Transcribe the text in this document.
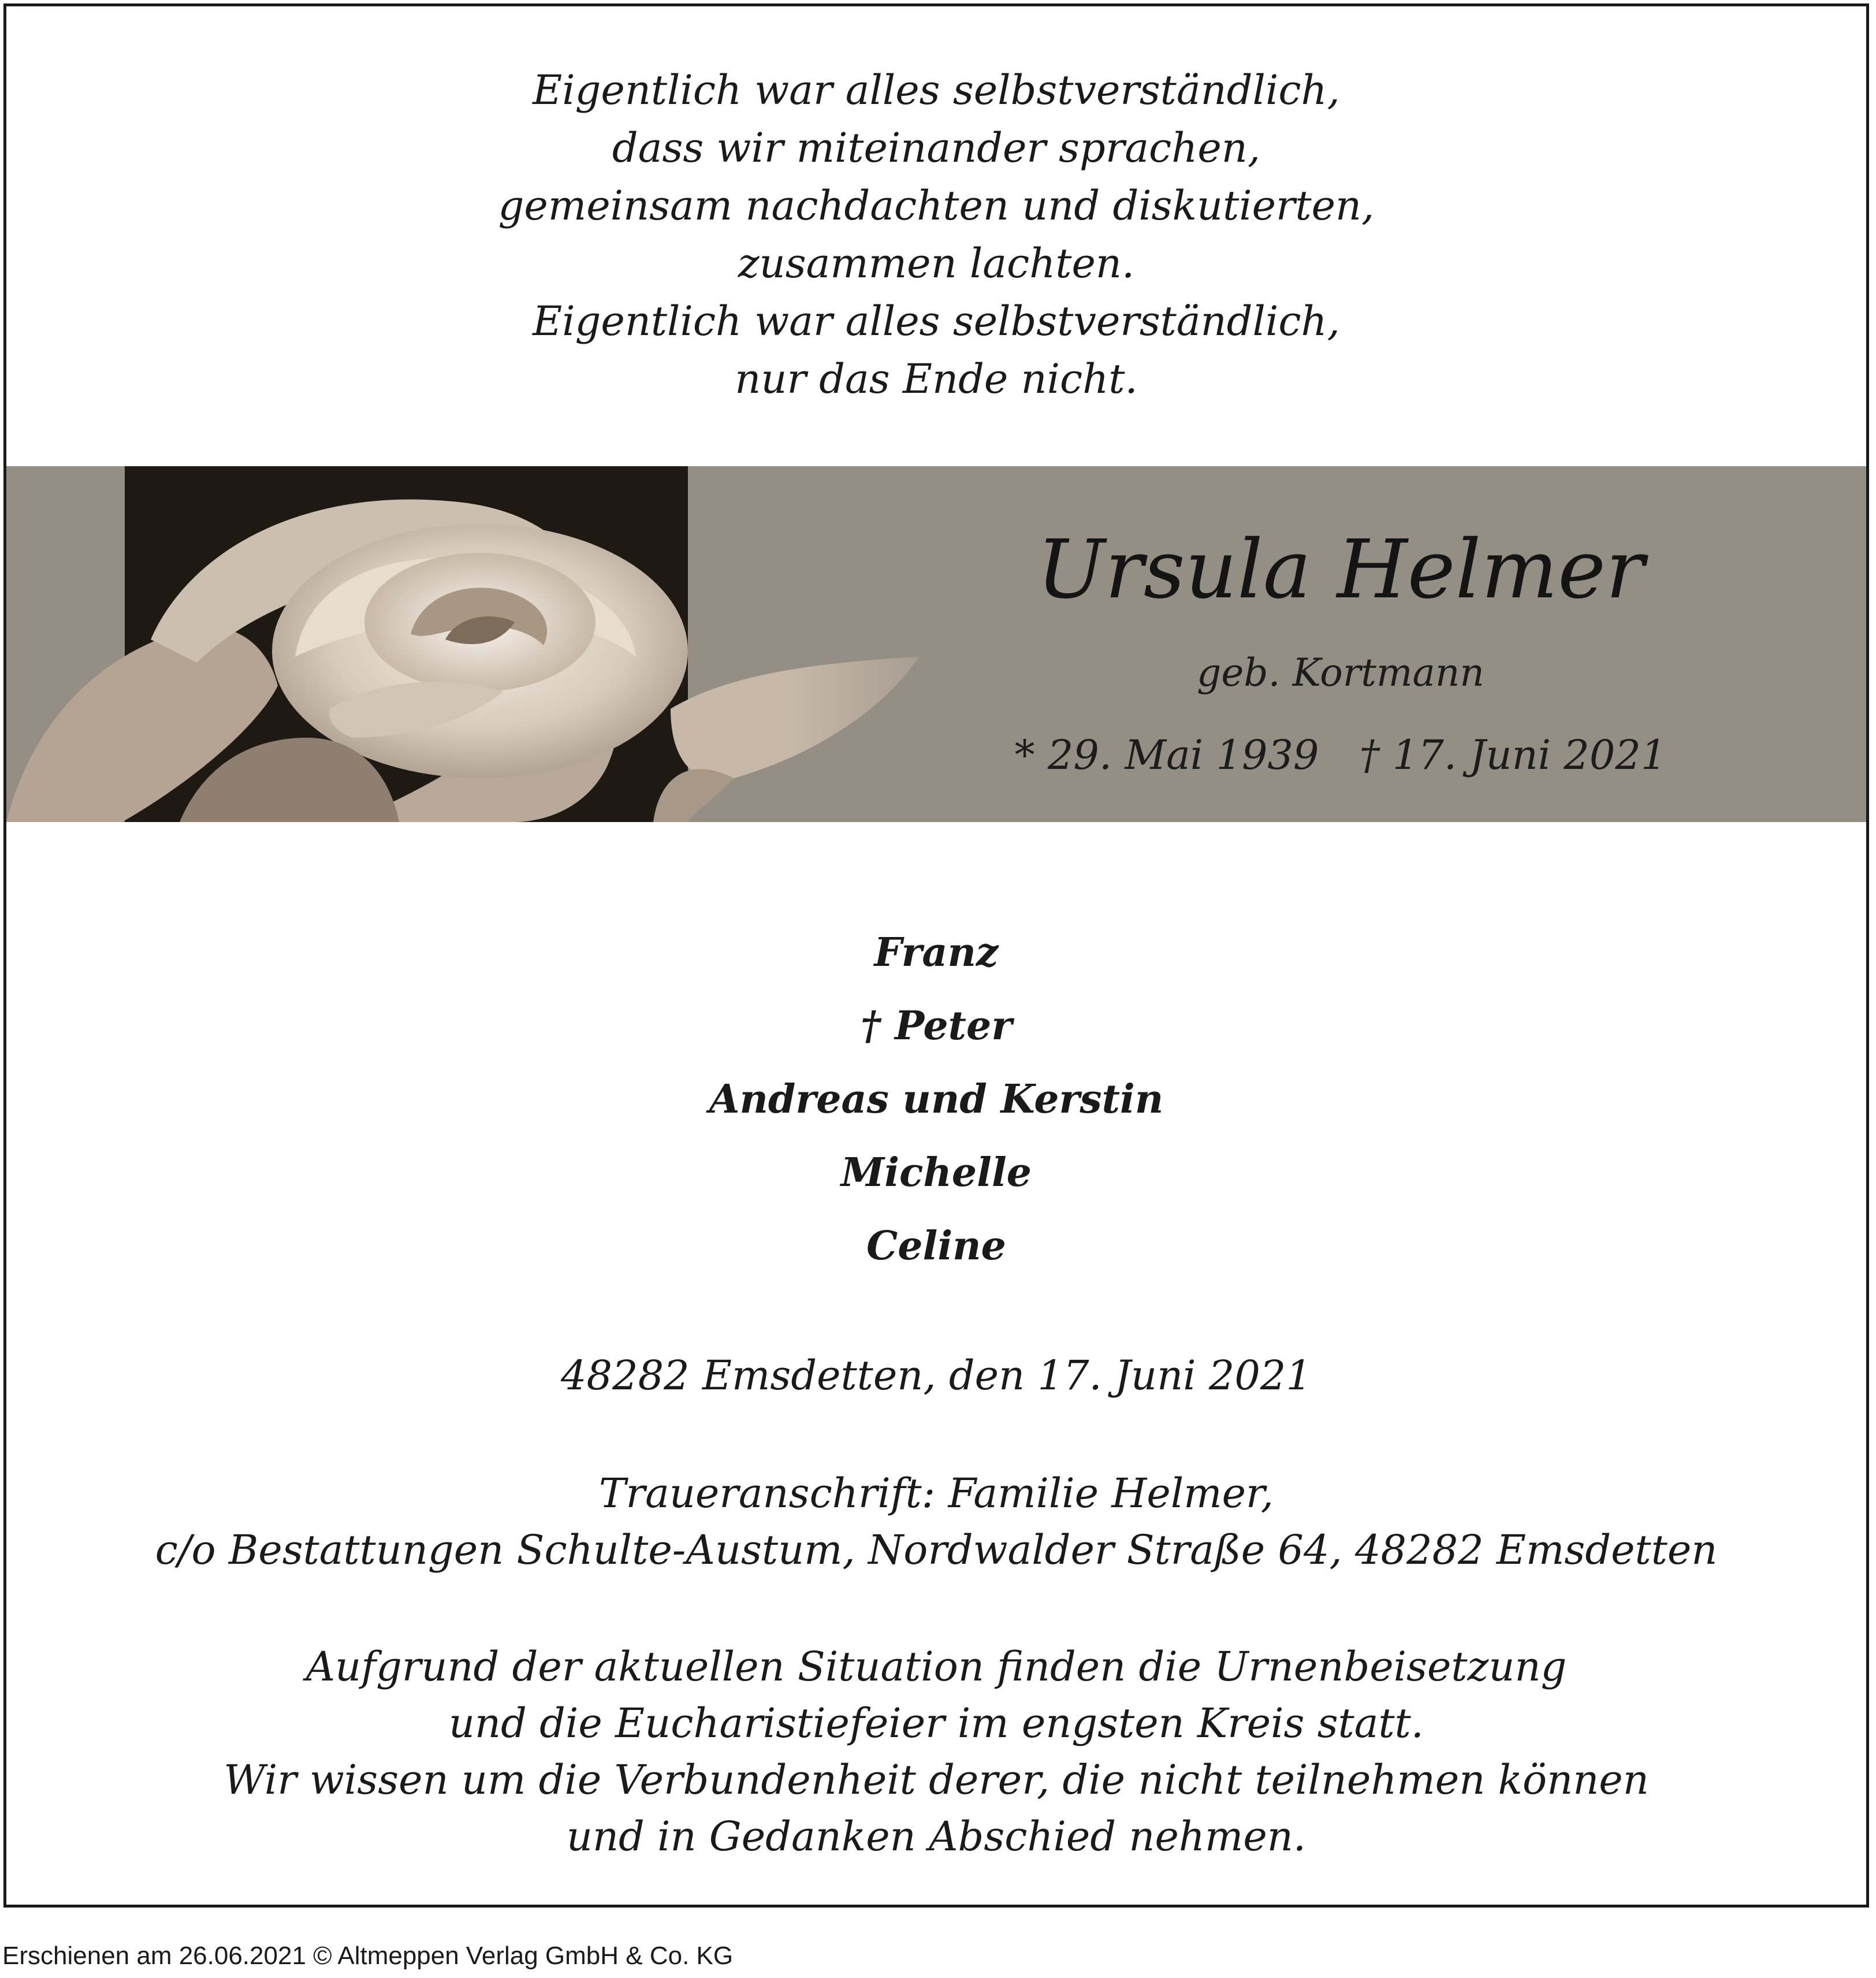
Eigentlich war alles selbstverständlich,
dass wir miteinander sprachen,
gemeinsam nachdachten und diskutierten,
zusammen lachten.
Eigentlich war alles selbstverständlich,
nur das Ende nicht.
Ursula Helmer
geb. Kortmann
* 29. Mai 1939 † 17. Juni 2021
Franz
† Peter
Andreas und Kerstin
Michelle
Celine
48282 Emsdetten, den 17. Juni 2021
Traueranschrift: Familie Helmer,
c/o Bestattungen Schulte-Austum, Nordwalder Straße 64, 48282 Emsdetten
Aufgrund der aktuellen Situation finden die Urnenbeisetzung
und die Eucharistiefeier im engsten Kreis statt.
Wir wissen um die Verbundenheit derer, die nicht teilnehmen können
und in Gedanken Abschied nehmen.
Erschienen am 26.06.2021 © Altmeppen Verlag GmbH & Co. KG
